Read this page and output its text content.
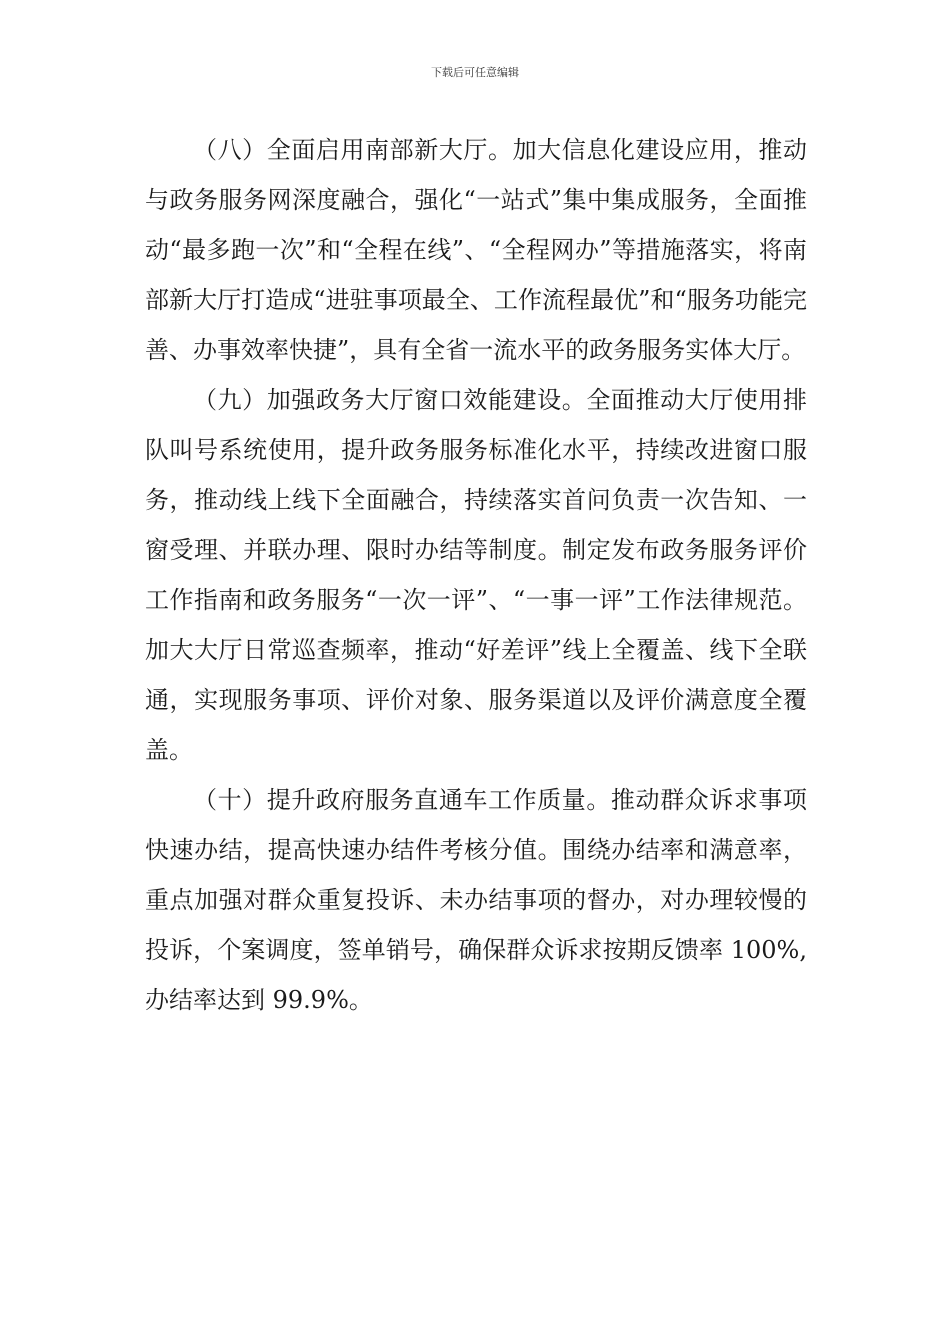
下载后可任意编辑

（八）全面启用南部新大厅。加大信息化建设应用，推动与政务服务网深度融合，强化“一站式”集中集成服务，全面推动“最多跑一次”和“全程在线”、“全程网办”等措施落实，将南部新大厅打造成“进驻事项最全、工作流程最优”和“服务功能完善、办事效率快捷”，具有全省一流水平的政务服务实体大厅。

（九）加强政务大厅窗口效能建设。全面推动大厅使用排队叫号系统使用，提升政务服务标准化水平，持续改进窗口服务，推动线上线下全面融合，持续落实首问负责一次告知、一窗受理、并联办理、限时办结等制度。制定发布政务服务评价工作指南和政务服务“一次一评”、“一事一评”工作法律规范。加大大厅日常巡查频率，推动“好差评”线上全覆盖、线下全联通，实现服务事项、评价对象、服务渠道以及评价满意度全覆盖。

（十）提升政府服务直通车工作质量。推动群众诉求事项快速办结，提高快速办结件考核分值。围绕办结率和满意率，重点加强对群众重复投诉、未办结事项的督办，对办理较慢的投诉，个案调度，签单销号，确保群众诉求按期反馈率 100%, 办结率达到 99.9%。
